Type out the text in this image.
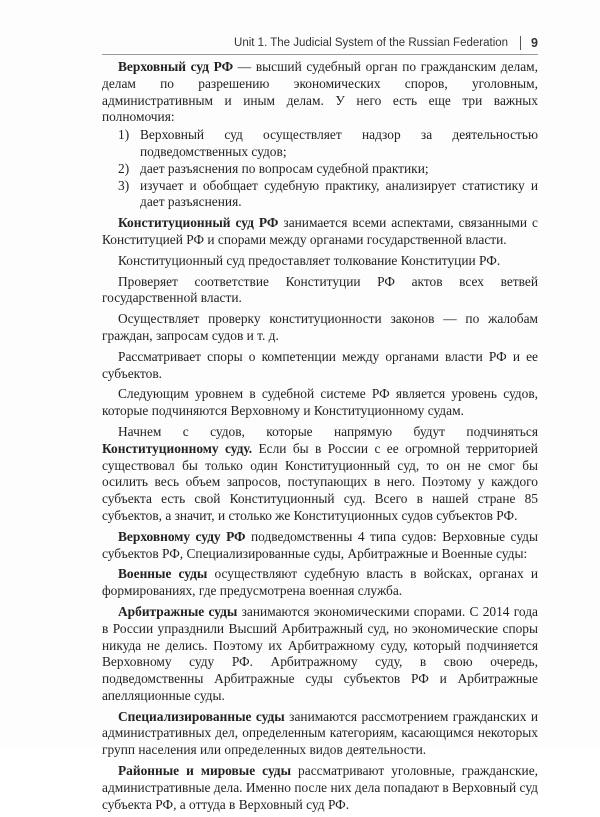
Unit 1. The Judicial System of the Russian Federation 9

Верховный суд РФ — высший судебный орган по гражданским делам, делам по разрешению экономических споров, уголовным, административным и иным делам. У него есть еще три важных полномочия:

1) Верховный суд осуществляет надзор за деятельностью подведомственных судов;
2) дает разъяснения по вопросам судебной практики;
3) изучает и обобщает судебную практику, анализирует статистику и дает разъяснения.

Конституционный суд РФ занимается всеми аспектами, связанными с Конституцией РФ и спорами между органами государственной власти.

Конституционный суд предоставляет толкование Конституции РФ.

Проверяет соответствие Конституции РФ актов всех ветвей государственной власти.

Осуществляет проверку конституционности законов — по жалобам граждан, запросам судов и т. д.

Рассматривает споры о компетенции между органами власти РФ и ее субъектов.

Следующим уровнем в судебной системе РФ является уровень судов, которые подчиняются Верховному и Конституционному судам.

Начнем с судов, которые напрямую будут подчиняться Конституционному суду. Если бы в России с ее огромной территорией существовал бы только один Конституционный суд, то он не смог бы осилить весь объем запросов, поступающих в него. Поэтому у каждого субъекта есть свой Конституционный суд. Всего в нашей стране 85 субъектов, а значит, и столько же Конституционных судов субъектов РФ.

Верховному суду РФ подведомственны 4 типа судов: Верховные суды субъектов РФ, Специализированные суды, Арбитражные и Военные суды:

Военные суды осуществляют судебную власть в войсках, органах и формированиях, где предусмотрена военная служба.

Арбитражные суды занимаются экономическими спорами. С 2014 года в России упразднили Высший Арбитражный суд, но экономические споры никуда не делись. Поэтому их Арбитражному суду, который подчиняется Верховному суду РФ. Арбитражному суду, в свою очередь, подведомственны Арбитражные суды субъектов РФ и Арбитражные апелляционные суды.

Специализированные суды занимаются рассмотрением гражданских и административных дел, определенным категориям, касающимся некоторых групп населения или определенных видов деятельности.

Районные и мировые суды рассматривают уголовные, гражданские, административные дела. Именно после них дела попадают в Верховный суд субъекта РФ, а оттуда в Верховный суд РФ.
